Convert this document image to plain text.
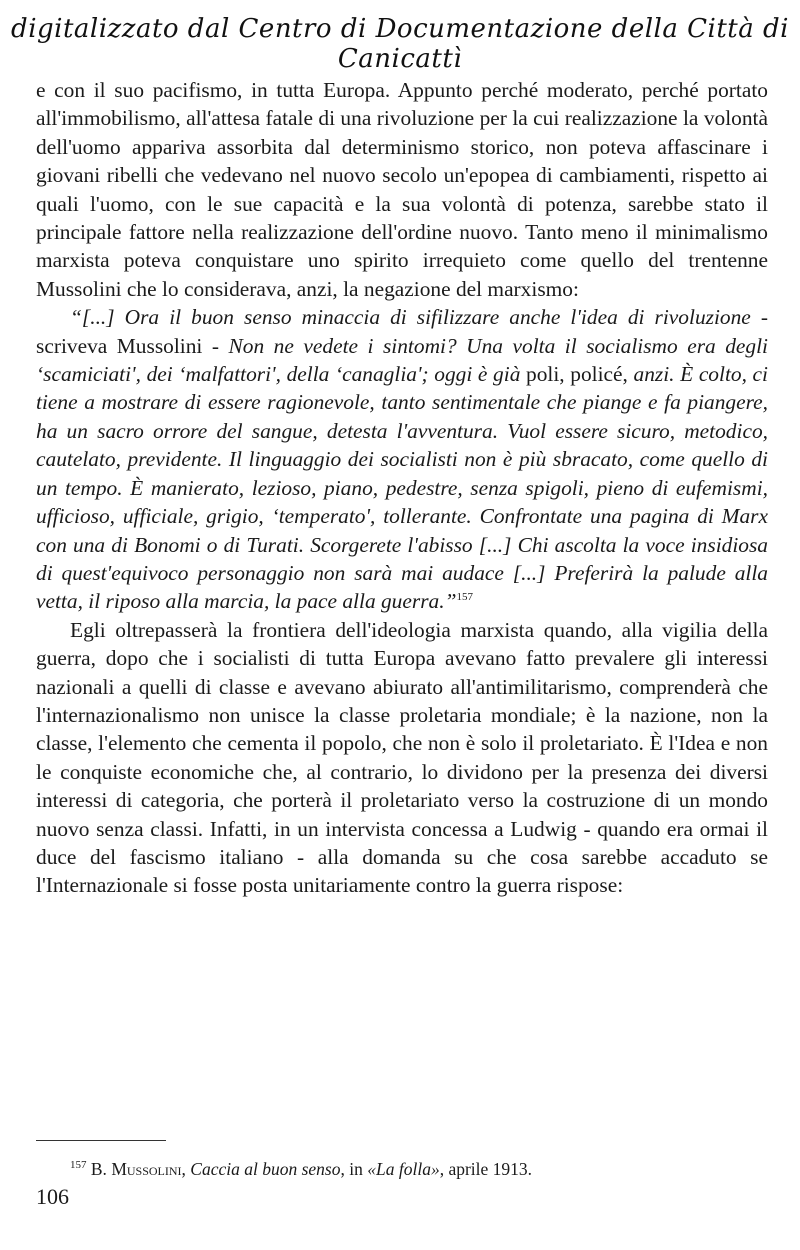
digitalizzato dal Centro di Documentazione della Città di Canicattì

e con il suo pacifismo, in tutta Europa. Appunto perché moderato, perché portato all'immobilismo, all'attesa fatale di una rivoluzione per la cui realizzazione la volontà dell'uomo appariva assorbita dal determinismo storico, non poteva affascinare i giovani ribelli che vedevano nel nuovo secolo un'epopea di cambiamenti, rispetto ai quali l'uomo, con le sue capacità e la sua volontà di potenza, sarebbe stato il principale fattore nella realizzazione dell'ordine nuovo. Tanto meno il minimalismo marxista poteva conquistare uno spirito irrequieto come quello del trentenne Mussolini che lo considerava, anzi, la negazione del marxismo:

“[...] Ora il buon senso minaccia di sifilizzare anche l'idea di rivoluzione - scriveva Mussolini - Non ne vedete i sintomi? Una volta il socialismo era degli ‘scamiciati', dei ‘malfattori', della ‘canaglia'; oggi è già poli, policé, anzi. È colto, ci tiene a mostrare di essere ragionevole, tanto sentimentale che piange e fa piangere, ha un sacro orrore del sangue, detesta l'avventura. Vuol essere sicuro, metodico, cautelato, previdente. Il linguaggio dei socialisti non è più sbracato, come quello di un tempo. È manierato, lezioso, piano, pedestre, senza spigoli, pieno di eufemismi, ufficioso, ufficiale, grigio, ‘temperato', tollerante. Confrontate una pagina di Marx con una di Bonomi o di Turati. Scorgerete l'abisso [...] Chi ascolta la voce insidiosa di quest'equivoco personaggio non sarà mai audace [...] Preferirà la palude alla vetta, il riposo alla marcia, la pace alla guerra.”$^{157}$

Egli oltrepasserà la frontiera dell'ideologia marxista quando, alla vigilia della guerra, dopo che i socialisti di tutta Europa avevano fatto prevalere gli interessi nazionali a quelli di classe e avevano abiurato all'antimilitarismo, comprenderà che l'internazionalismo non unisce la classe proletaria mondiale; è la nazione, non la classe, l'elemento che cementa il popolo, che non è solo il proletariato. È l'Idea e non le conquiste economiche che, al contrario, lo dividono per la presenza dei diversi interessi di categoria, che porterà il proletariato verso la costruzione di un mondo nuovo senza classi. Infatti, in un intervista concessa a Ludwig - quando era ormai il duce del fascismo italiano - alla domanda su che cosa sarebbe accaduto se l'Internazionale si fosse posta unitariamente contro la guerra rispose:

$^{157}$ B. Mussolini, Caccia al buon senso, in «La folla», aprile 1913.
106
